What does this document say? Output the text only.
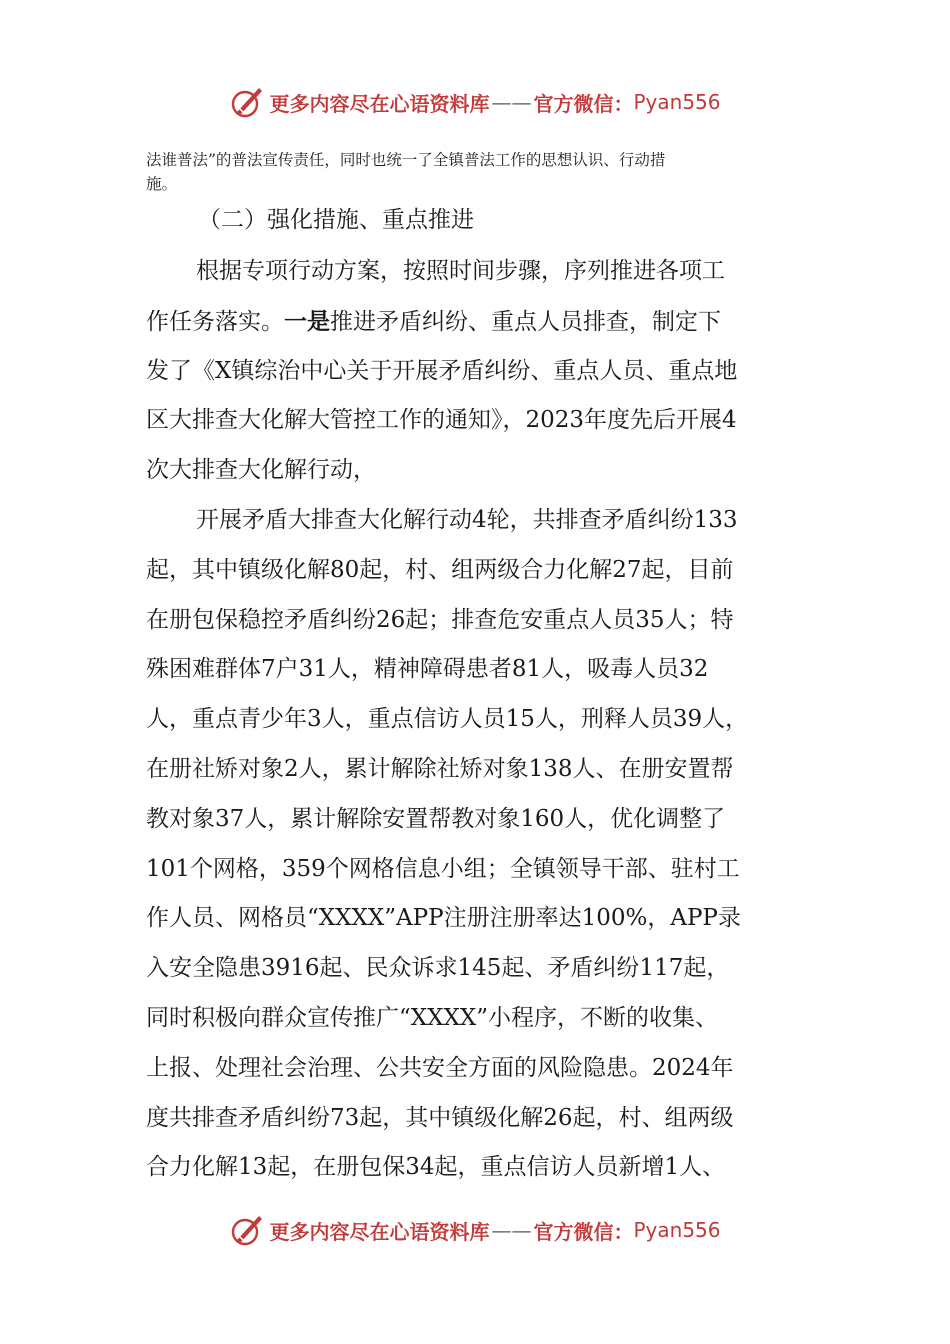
更多内容尽在心语资料库 —— 官方微信： Pyan556
法谁普法”的普法宣传责任，同时也统一了全镇普法工作的思想认识、行动措
施。
（二）强化措施、重点推进
根据专项行动方案，按照时间步骤，序列推进各项工
作任务落实。一是推进矛盾纠纷、重点人员排查，制定下
发了《X镇综治中心关于开展矛盾纠纷、重点人员、重点地
区大排查大化解大管控工作的通知》，2023年度先后开展4
次大排查大化解行动，
开展矛盾大排查大化解行动4轮，共排查矛盾纠纷133
起，其中镇级化解80起，村、组两级合力化解27起，目前
在册包保稳控矛盾纠纷26起；排查危安重点人员35人；特
殊困难群体7户31人，精神障碍患者81人，吸毒人员32
人，重点青少年3人，重点信访人员15人，刑释人员39人，
在册社矫对象2人，累计解除社矫对象138人、在册安置帮
教对象37人，累计解除安置帮教对象160人，优化调整了
101个网格，359个网格信息小组；全镇领导干部、驻村工
作人员、网格员“XXXX”APP注册注册率达100%，APP录
入安全隐患3916起、民众诉求145起、矛盾纠纷117起，
同时积极向群众宣传推广“XXXX”小程序，不断的收集、
上报、处理社会治理、公共安全方面的风险隐患。2024年
度共排查矛盾纠纷73起，其中镇级化解26起，村、组两级
合力化解13起，在册包保34起，重点信访人员新增1人、
更多内容尽在心语资料库 —— 官方微信： Pyan556
